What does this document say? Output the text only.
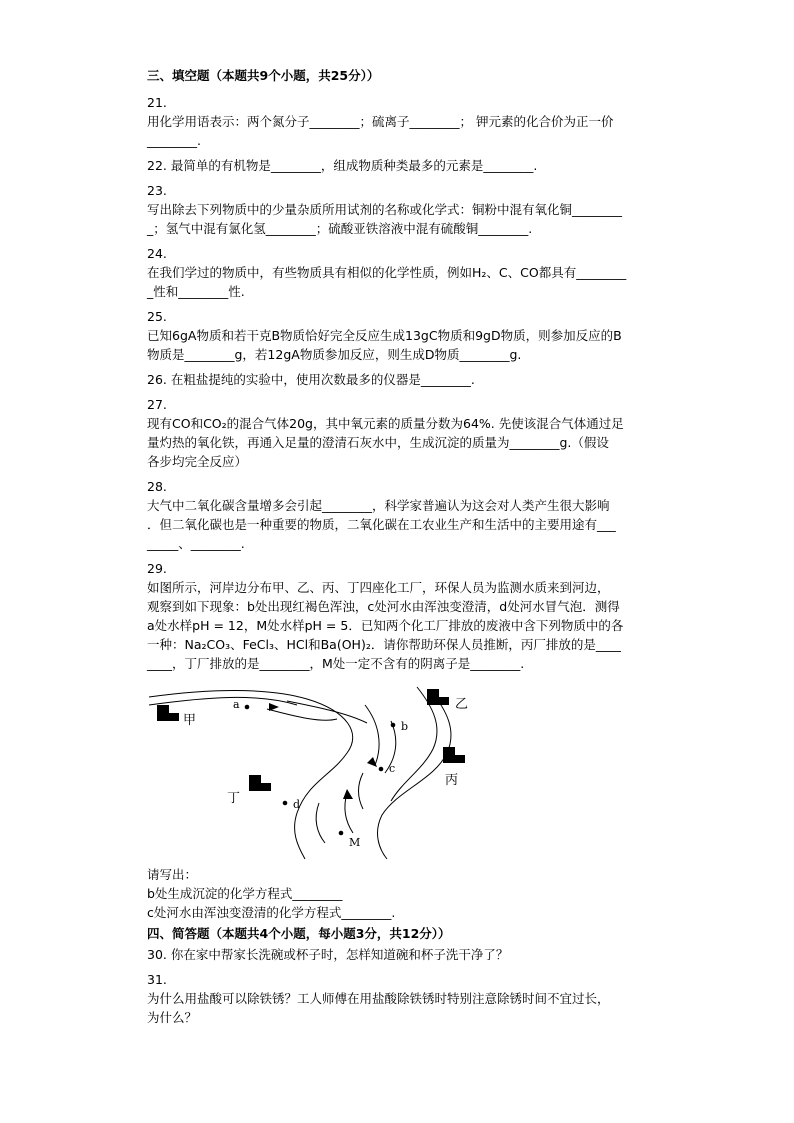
三、填空题（本题共9个小题，共25分））
21.
用化学用语表示：两个氮分子________；硫离子________； 钾元素的化合价为正一价
________.
22. 最简单的有机物是________，组成物质种类最多的元素是________.
23.
写出除去下列物质中的少量杂质所用试剂的名称或化学式：铜粉中混有氧化铜________
_；氢气中混有氯化氢________；硫酸亚铁溶液中混有硫酸铜________.
24.
在我们学过的物质中，有些物质具有相似的化学性质，例如H₂、C、CO都具有________
_性和________性.
25.
已知6gA物质和若干克B物质恰好完全反应生成13gC物质和9gD物质，则参加反应的B
物质是________g，若12gA物质参加反应，则生成D物质________g.
26. 在粗盐提纯的实验中，使用次数最多的仪器是________.
27.
现有CO和CO₂的混合气体20g，其中氧元素的质量分数为64%. 先使该混合气体通过足
量灼热的氧化铁，再通入足量的澄清石灰水中，生成沉淀的质量为________g.（假设
各步均完全反应）
28.
大气中二氧化碳含量增多会引起________，科学家普遍认为这会对人类产生很大影响
．但二氧化碳也是一种重要的物质，二氧化碳在工农业生产和生活中的主要用途有___
_____、________.
29.
如图所示，河岸边分布甲、乙、丙、丁四座化工厂，环保人员为监测水质来到河边，
观察到如下现象：b处出现红褐色浑浊，c处河水由浑浊变澄清，d处河水冒气泡．测得
a处水样pH = 12，M处水样pH = 5．已知两个化工厂排放的废液中含下列物质中的各
一种：Na₂CO₃、FeCl₃、HCl和Ba(OH)₂．请你帮助环保人员推断，丙厂排放的是____
____，丁厂排放的是________，M处一定不含有的阴离子是________.
甲
乙
丙
丁
a
b
c
d
M
请写出：
b处生成沉淀的化学方程式________
c处河水由浑浊变澄清的化学方程式________.
四、简答题（本题共4个小题，每小题3分，共12分））
30. 你在家中帮家长洗碗或杯子时，怎样知道碗和杯子洗干净了？
31.
为什么用盐酸可以除铁锈？工人师傅在用盐酸除铁锈时特别注意除锈时间不宜过长，
为什么？
